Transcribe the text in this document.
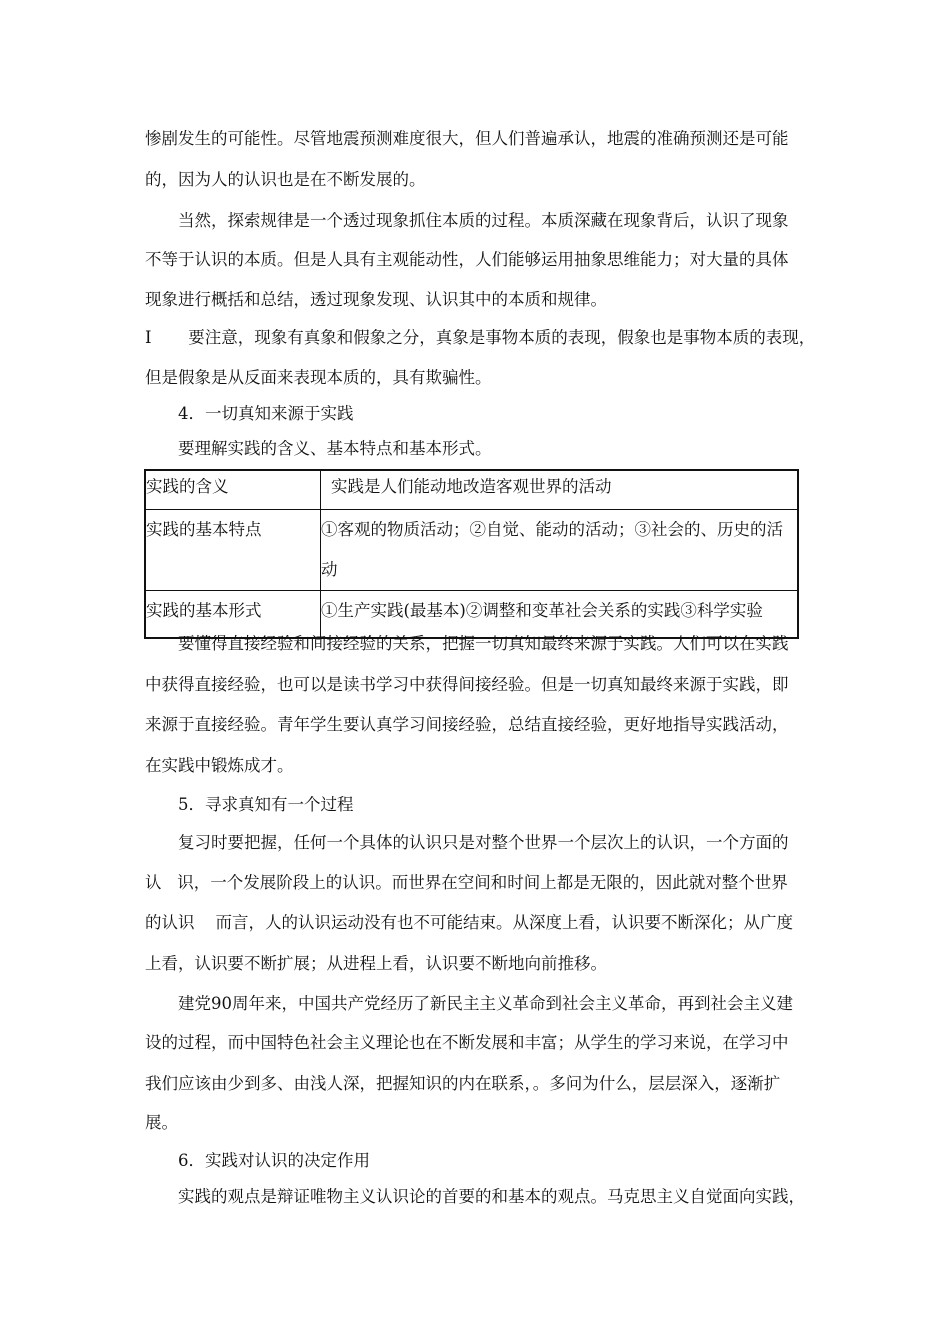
惨剧发生的可能性。尽管地震预测难度很大，但人们普遍承认，地震的准确预测还是可能

的，因为人的认识也是在不断发展的。

当然，探索规律是一个透过现象抓住本质的过程。本质深藏在现象背后，认识了现象

不等于认识的本质。但是人具有主观能动性，人们能够运用抽象思维能力；对大量的具体

现象进行概括和总结，透过现象发现、认识其中的本质和规律。

I       要注意，现象有真象和假象之分，真象是事物本质的表现，假象也是事物本质的表现，

但是假象是从反面来表现本质的，具有欺骗性。

4．一切真知来源于实践

要理解实践的含义、基本特点和基本形式。

实践的含义	实践是人们能动地改造客观世界的活动

实践的基本特点	①客观的物质活动；②自觉、能动的活动；③社会的、历史的活
动

实践的基本形式	①生产实践(最基本)②调整和变革社会关系的实践③科学实验

要懂得直接经验和间接经验的关系，把握一切真知最终来源于实践。人们可以在实践

中获得直接经验，也可以是读书学习中获得间接经验。但是一切真知最终来源于实践，即

来源于直接经验。青年学生要认真学习间接经验，总结直接经验，更好地指导实践活动，

在实践中锻炼成才。

5．寻求真知有一个过程

复习时要把握，任何一个具体的认识只是对整个世界一个层次上的认识，一个方面的

认   识，一个发展阶段上的认识。而世界在空间和时间上都是无限的，因此就对整个世界

的认识    而言，人的认识运动没有也不可能结束。从深度上看，认识要不断深化；从广度

上看，认识要不断扩展；从进程上看，认识要不断地向前推移。

建党90周年来，中国共产党经历了新民主主义革命到社会主义革命，再到社会主义建

设的过程，而中国特色社会主义理论也在不断发展和丰富；从学生的学习来说，在学习中

我们应该由少到多、由浅人深，把握知识的内在联系，。多问为什么，层层深入，逐渐扩

展。

6．实践对认识的决定作用

实践的观点是辩证唯物主义认识论的首要的和基本的观点。马克思主义自觉面向实践，
